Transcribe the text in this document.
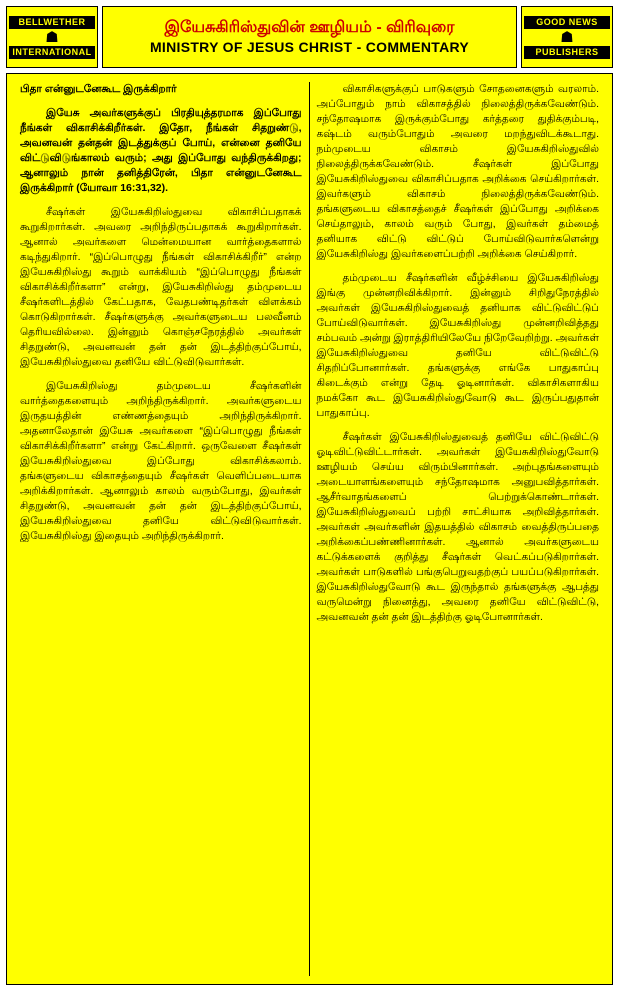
BELLWETHER
☗
INTERNATIONAL
இயேசுகிரிஸ்துவின் ஊழியம் - விரிவுரை
MINISTRY OF JESUS CHRIST - COMMENTARY
GOOD NEWS
☗
PUBLISHERS

பிதா என்னுடனேகூட இருக்கிறார்

இயேசு அவர்களுக்குப் பிரதியுத்தரமாக இப்போது நீங்கள் விகாசிக்கிறீர்கள். இதோ, நீங்கள் சிதறுண்டு, அவனவன் தன்தன் இடத்துக்குப் போய், என்னை தனியே விட்டுவிடுங்காலம் வரும்; அது இப்போது வந்திருக்கிறது; ஆனாலும் நான் தனித்திரேன், பிதா என்னுடனேகூட இருக்கிறார் (யோவா 16:31,32).

சீஷர்கள் இயேசுகிறிஸ்துவை விகாசிப்பதாகக் கூறுகிறார்கள். அவரை அறிந்திருப்பதாகக் கூறுகிறார்கள். ஆனால் அவர்களை மென்மையான வார்த்தைகளால் கடிந்துகிறார். “இப்பொழுது நீங்கள் விகாசிக்கிறீர்” என்ற இயேசுகிறிஸ்து கூறும் வாக்கியம் “இப்பொழுது நீங்கள் விகாசிக்கிறீர்களா” என்று, இயேசுகிறிஸ்து தம்முடைய சீஷர்களிடத்தில் கேட்பதாக, வேதபண்டிதர்கள் விளக்கம் கொடுகிறார்கள். சீஷர்களுக்கு அவர்களுடைய பலவீனம் தெரியவில்லை. இன்னும் கொஞ்சநேரத்தில் அவர்கள் சிதறுண்டு, அவனவன் தன் தன் இடத்திற்குப்போய், இயேசுகிறிஸ்துவை தனியே விட்டுவிடுவார்கள்.

இயேசுகிறிஸ்து தம்முடைய சீஷர்களின் வார்த்தைகளையும் அறிந்திருக்கிறார். அவர்களுடைய இருதயத்தின் எண்ணத்தையும் அறிந்திருக்கிறார். அதனாலேதான் இயேசு அவர்களை “இப்பொழுது நீங்கள் விகாசிக்கிறீர்களா” என்று கேட்கிறார். ஒருவேளை சீஷர்கள் இயேசுகிறிஸ்துவை இப்போது விகாசிக்கலாம். தங்களுடைய விகாசத்தையும் சீஷர்கள் வெளிப்படையாக அறிக்கிறார்கள். ஆனாலும் காலம் வரும்போது, இவர்கள் சிதறுண்டு, அவனவன் தன் தன் இடத்திற்குப்போய், இயேசுகிறிஸ்துவை தனியே விட்டுவிடுவார்கள். இயேசுகிறிஸ்து இதையும் அறிந்திருக்கிறார்.

விகாசிகளுக்குப் பாடுகளும் சோதனைகளும் வரலாம். அப்போதும் நாம் விகாசத்தில் நிலைத்திருக்கவேண்டும். சந்தோஷமாக இருக்கும்போது கர்த்தரை துதிக்கும்படி, கஷ்டம் வரும்போதும் அவரை மறந்துவிடக்கூடாது. நம்முடைய விகாசம் இயேசுகிறிஸ்துவில் நிலைத்திருக்கவேண்டும். சீஷர்கள் இப்போது இயேசுகிறிஸ்துவை விகாசிப்பதாக அறிக்கை செய்கிறார்கள். இவர்களும் விகாசம் நிலைத்திருக்கவேண்டும். தங்களுடைய விகாசத்தைச் சீஷர்கள் இப்போது அறிக்கை செய்தாலும், காலம் வரும் போது, இவர்கள் தம்மைத் தனியாக விட்டு விட்டுப் போய்விடுவார்களென்று இயேசுகிறிஸ்து இவர்களைப்பற்றி அறிக்கை செய்கிறார்.

தம்முடைய சீஷர்களின் வீழ்ச்சியை இயேசுகிறிஸ்து இங்கு முன்னறிவிக்கிறார். இன்னும் சிறிதுநேரத்தில் அவர்கள் இயேசுகிறிஸ்துவைத் தனியாக விட்டுவிட்டுப் போய்விடுவார்கள். இயேசுகிறிஸ்து முன்னறிவித்தது சம்பவம் அன்று இராத்திரியிலேயே நிறேவேறிற்று. அவர்கள் இயேசுகிறிஸ்துவை தனியே விட்டுவிட்டு சிதறிப்போனார்கள். தங்களுக்கு எங்கே பாதுகாப்பு கிடைக்கும் என்று தேடி ஓடினார்கள். விகாசிகளாகிய நமக்கோ கூட இயேசுகிறிஸ்துவோடு கூட இருப்பதுதான் பாதுகாப்பு.

சீஷர்கள் இயேசுகிறிஸ்துவைத் தனியே விட்டுவிட்டு ஓடிவிட்டுவிட்டார்கள். அவர்கள் இயேசுகிறிஸ்துவோடு ஊழியம் செய்ய விரும்பினார்கள். அற்புதங்களையும் அடையாளங்களையும் சந்தோஷமாக அனுபவித்தார்கள். ஆசீர்வாதங்களைப் பெற்றுக்கொண்டார்கள். இயேசுகிறிஸ்துவைப் பற்றி சாட்சியாக அறிவித்தார்கள். அவர்கள் அவர்களின் இதயத்தில் விகாசம் வைத்திருப்பதை அறிக்கைப்பண்ணினார்கள். ஆனால் அவர்களுடைய கட்டுக்களைக் குறித்து சீஷர்கள் வெட்கப்படுகிறார்கள். அவர்கள் பாடுகளில் பங்குபெறுவதற்குப் பயப்படுகிறார்கள். இயேசுகிறிஸ்துவோடு கூட இருந்தால் தங்களுக்கு ஆபத்து வருமென்று நினைத்து, அவரை தனியே விட்டுவிட்டு, அவனவன் தன் தன் இடத்திற்கு ஓடிபோனார்கள்.
